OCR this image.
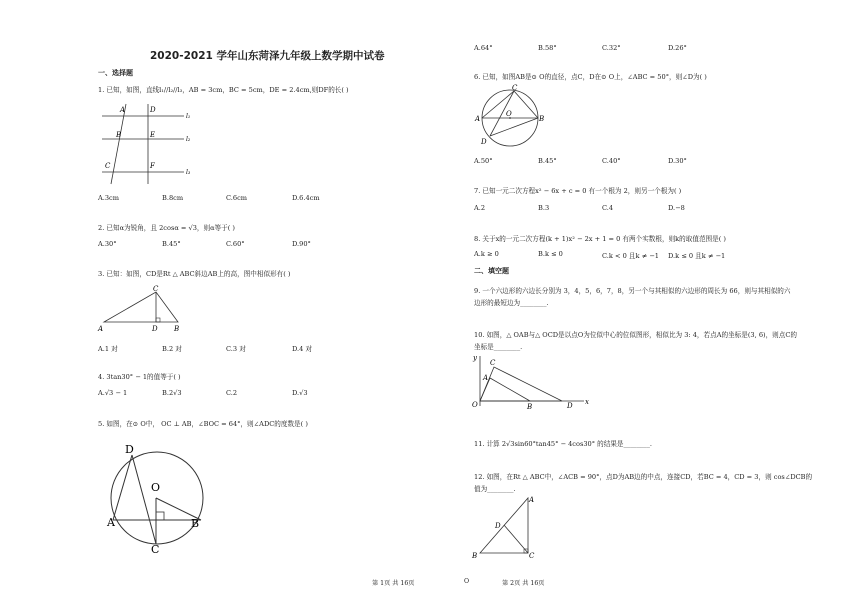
2020-2021 学年山东菏泽九年级上数学期中试卷
一、选择题
1. 已知，如图，直线l₁//l₂//l₃，AB = 3cm，BC = 5cm，DE = 2.4cm,则DF的长( )
A
B
C
D
E
F
l₁
l₂
l₃
A.3cm	B.8cm	C.6cm	D.6.4cm
2. 已知α为锐角，且 2cosα = √3，则α等于( )
A.30°	B.45°	C.60°	D.90°
3. 已知：如图，CD是Rt △ ABC斜边AB上的高，图中相似形有( )
A	B
C
D
A.1 对	B.2 对	C.3 对	D.4 对
4. 3tan30° − 1的值等于( )
A.√3 − 1	B.2√3	C.2	D.√3
5. 如图，在⊙ O中， OC ⊥ AB，∠BOC = 64°，则∠ADC的度数是( )
D
O
A	B
C
第 1页 共 16页
A.64°	B.58°	C.32°	D.26°
6. 已知，如图AB是⊙ O的直径，点C，D在⊙ O上，∠ABC = 50°，则∠D为( )
C
O
A	B
D
A.50°	B.45°	C.40°	D.30°
7. 已知一元二次方程x² − 6x + c = 0 有一个根为 2，则另一个根为( )
A.2	B.3	C.4	D.−8
8. 关于x的一元二次方程(k + 1)x² − 2x + 1 = 0 有两个实数根，则k的取值范围是( )
A.k ≥ 0	B.k ≤ 0	C.k < 0 且k ≠ −1 D.k ≤ 0 且k ≠ −1
二、填空题
9. 一个六边形的六边长分别为 3，4，5，6，7，8，另一个与其相似的六边形的周长为 66，则与其相似的六
边形的最短边为________.
10. 如图，△ OAB与△ OCD是以点O为位似中心的位似图形，相似比为 3: 4，若点A的坐标是(3, 6)，则点C的
坐标是________.
y
x
O
A
C
B	D
11. 计算 2√3sin60°tan45° − 4cos30° 的结果是________.
12. 如图，在Rt △ ABC中，∠ACB = 90°，点D为AB边的中点，连接CD，若BC = 4，CD = 3，则 cos∠DCB的
值为________.
A
D
B	C
O	第 2页 共 16页
